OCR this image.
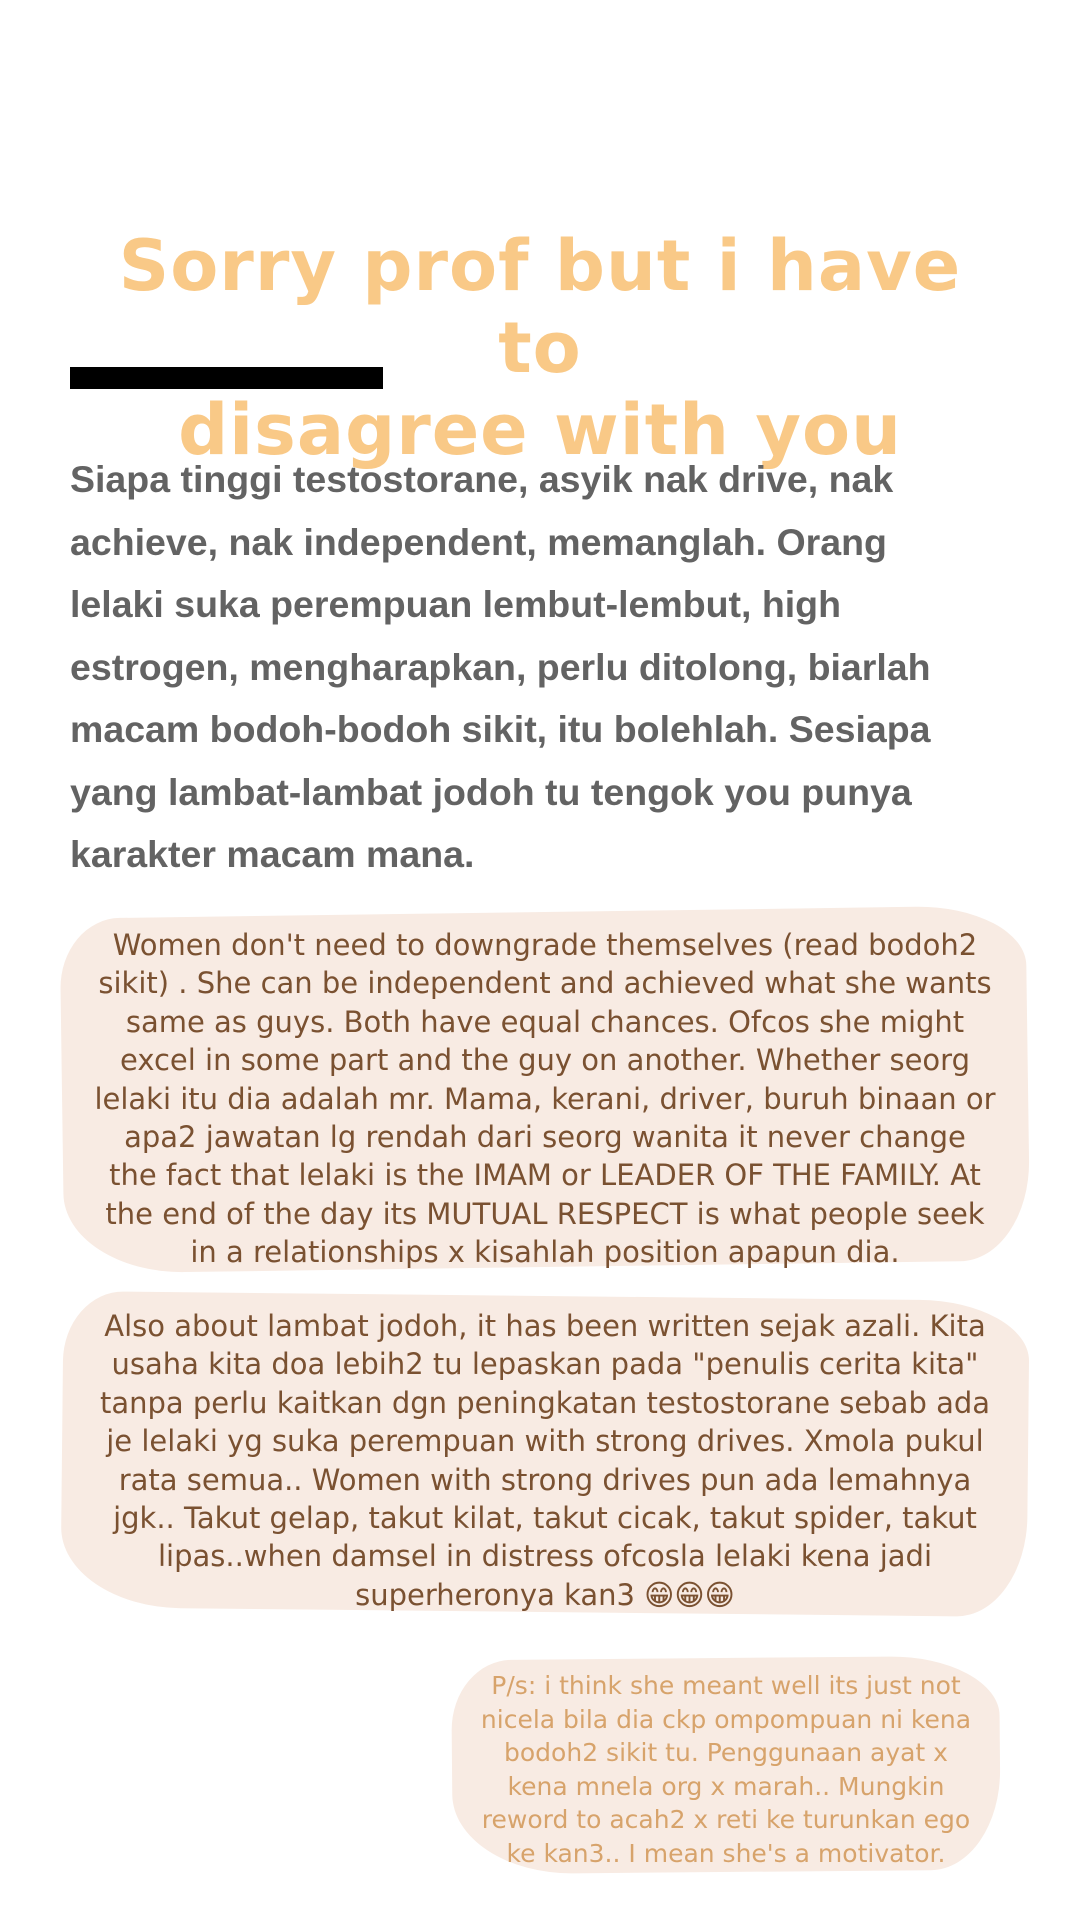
Sorry prof but i have to
disagree with you
Siapa tinggi testostorane, asyik nak drive, nak
achieve, nak independent, memanglah. Orang
lelaki suka perempuan lembut-lembut, high
estrogen, mengharapkan, perlu ditolong, biarlah
macam bodoh-bodoh sikit, itu bolehlah. Sesiapa
yang lambat-lambat jodoh tu tengok you punya
karakter macam mana.
Women don't need to downgrade themselves (read bodoh2
sikit) . She can be independent and achieved what she wants
same as guys. Both have equal chances. Ofcos she might
excel in some part and the guy on another. Whether seorg
lelaki itu dia adalah mr. Mama, kerani, driver, buruh binaan or
apa2 jawatan lg rendah dari seorg wanita it never change
the fact that lelaki is the IMAM or LEADER OF THE FAMILY. At
the end of the day its MUTUAL RESPECT is what people seek
in a relationships x kisahlah position apapun dia.
Also about lambat jodoh, it has been written sejak azali. Kita
usaha kita doa lebih2 tu lepaskan pada "penulis cerita kita"
tanpa perlu kaitkan dgn peningkatan testostorane sebab ada
je lelaki yg suka perempuan with strong drives. Xmola pukul
rata semua.. Women with strong drives pun ada lemahnya
jgk.. Takut gelap, takut kilat, takut cicak, takut spider, takut
lipas..when damsel in distress ofcosla lelaki kena jadi
superheronya kan3 😁😁😁
P/s: i think she meant well its just not
nicela bila dia ckp ompompuan ni kena
bodoh2 sikit tu. Penggunaan ayat x
kena mnela org x marah.. Mungkin
reword to acah2 x reti ke turunkan ego
ke kan3.. I mean she's a motivator.
